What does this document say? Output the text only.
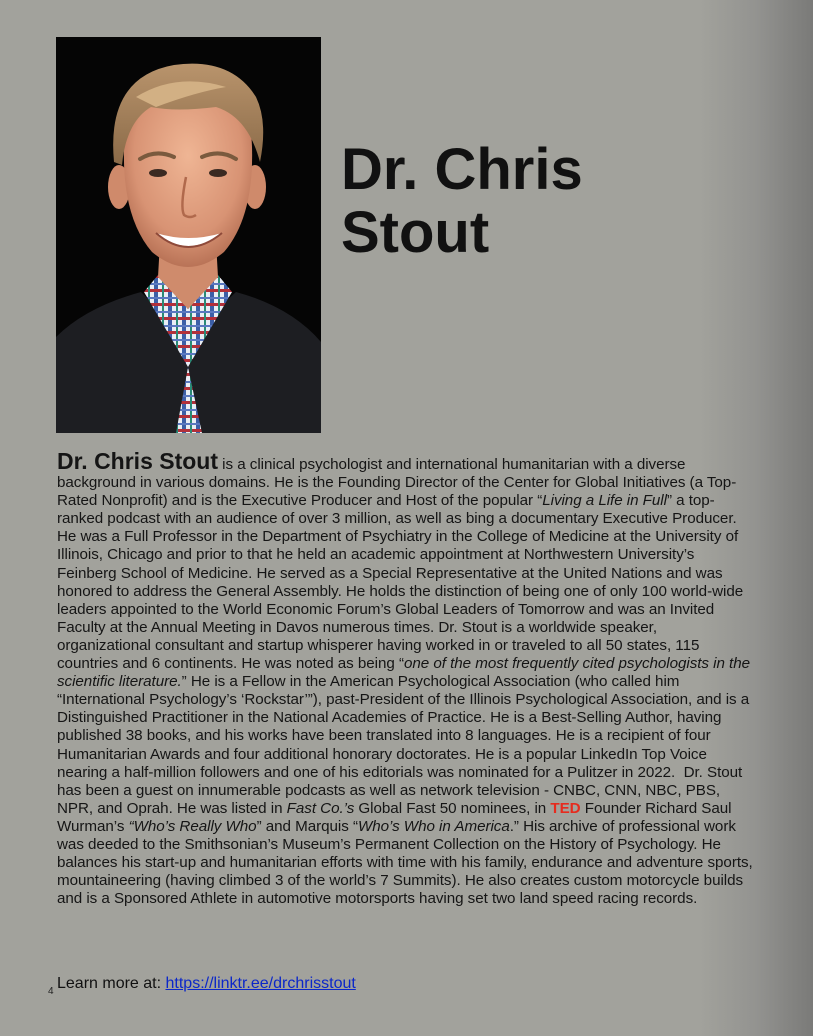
Dr. Chris
Stout

Dr. Chris Stout is a clinical psychologist and international humanitarian with a diverse background in various domains. He is the Founding Director of the Center for Global Initiatives (a Top-Rated Nonprofit) and is the Executive Producer and Host of the popular “Living a Life in Full” a top-ranked podcast with an audience of over 3 million, as well as bing a documentary Executive Producer. He was a Full Professor in the Department of Psychiatry in the College of Medicine at the University of Illinois, Chicago and prior to that he held an academic appointment at Northwestern University’s Feinberg School of Medicine. He served as a Special Representative at the United Nations and was honored to address the General Assembly. He holds the distinction of being one of only 100 world-wide leaders appointed to the World Economic Forum’s Global Leaders of Tomorrow and was an Invited Faculty at the Annual Meeting in Davos numerous times. Dr. Stout is a worldwide speaker, organizational consultant and startup whisperer having worked in or traveled to all 50 states, 115 countries and 6 continents. He was noted as being “one of the most frequently cited psychologists in the scientific literature.” He is a Fellow in the American Psychological Association (who called him “International Psychology’s ‘Rockstar’”), past-President of the Illinois Psychological Association, and is a Distinguished Practitioner in the National Academies of Practice. He is a Best-Selling Author, having published 38 books, and his works have been translated into 8 languages. He is a recipient of four Humanitarian Awards and four additional honorary doctorates. He is a popular LinkedIn Top Voice nearing a half-million followers and one of his editorials was nominated for a Pulitzer in 2022.  Dr. Stout has been a guest on innumerable podcasts as well as network television - CNBC, CNN, NBC, PBS, NPR, and Oprah. He was listed in Fast Co.’s Global Fast 50 nominees, in TED Founder Richard Saul Wurman’s “Who’s Really Who” and Marquis “Who’s Who in America.” His archive of professional work was deeded to the Smithsonian’s Museum’s Permanent Collection on the History of Psychology. He balances his start-up and humanitarian efforts with time with his family, endurance and adventure sports, mountaineering (having climbed 3 of the world’s 7 Summits). He also creates custom motorcycle builds and is a Sponsored Athlete in automotive motorsports having set two land speed racing records.

4 Learn more at: https://linktr.ee/drchrisstout
